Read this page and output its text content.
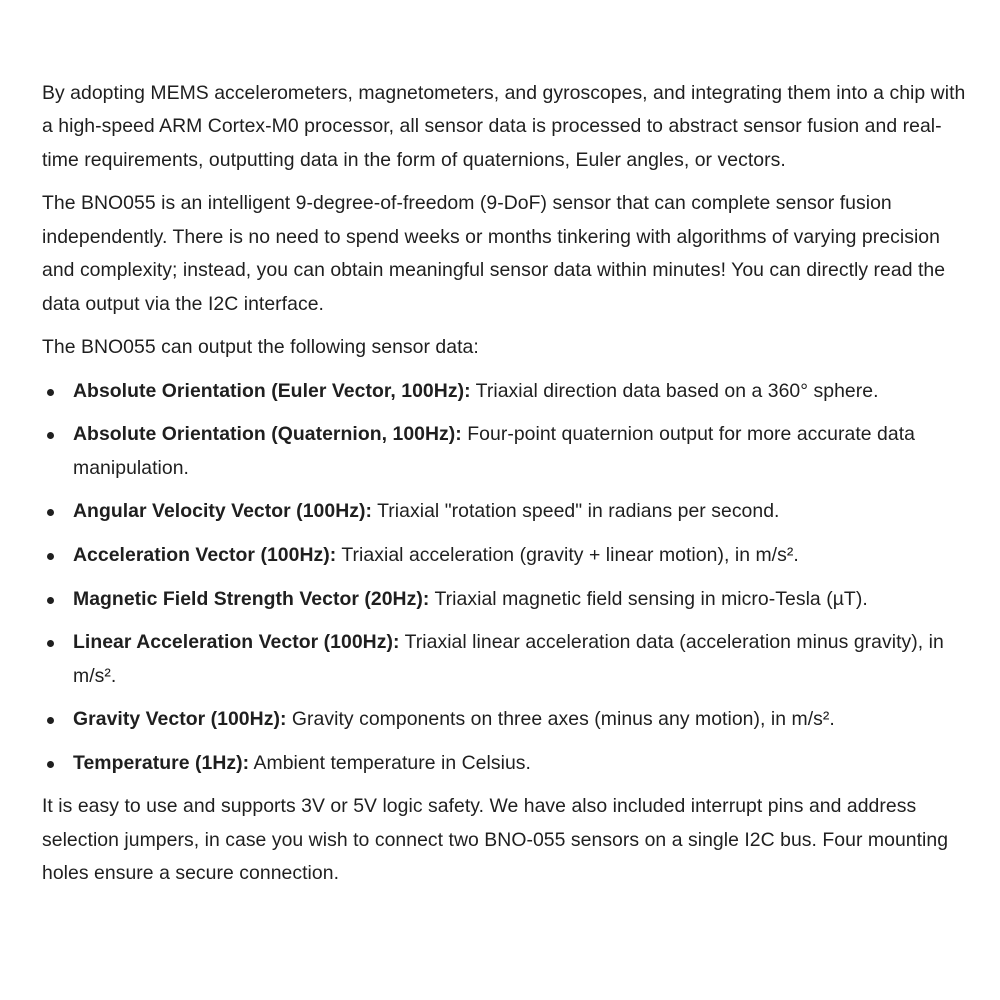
By adopting MEMS accelerometers, magnetometers, and gyroscopes, and integrating them into a chip with a high-speed ARM Cortex-M0 processor, all sensor data is processed to abstract sensor fusion and real-time requirements, outputting data in the form of quaternions, Euler angles, or vectors.

The BNO055 is an intelligent 9-degree-of-freedom (9-DoF) sensor that can complete sensor fusion independently. There is no need to spend weeks or months tinkering with algorithms of varying precision and complexity; instead, you can obtain meaningful sensor data within minutes! You can directly read the data output via the I2C interface.

The BNO055 can output the following sensor data:

Absolute Orientation (Euler Vector, 100Hz): Triaxial direction data based on a 360° sphere.
Absolute Orientation (Quaternion, 100Hz): Four-point quaternion output for more accurate data manipulation.
Angular Velocity Vector (100Hz): Triaxial "rotation speed" in radians per second.
Acceleration Vector (100Hz): Triaxial acceleration (gravity + linear motion), in m/s².
Magnetic Field Strength Vector (20Hz): Triaxial magnetic field sensing in micro-Tesla (µT).
Linear Acceleration Vector (100Hz): Triaxial linear acceleration data (acceleration minus gravity), in m/s².
Gravity Vector (100Hz): Gravity components on three axes (minus any motion), in m/s².
Temperature (1Hz): Ambient temperature in Celsius.

It is easy to use and supports 3V or 5V logic safety. We have also included interrupt pins and address selection jumpers, in case you wish to connect two BNO-055 sensors on a single I2C bus. Four mounting holes ensure a secure connection.
